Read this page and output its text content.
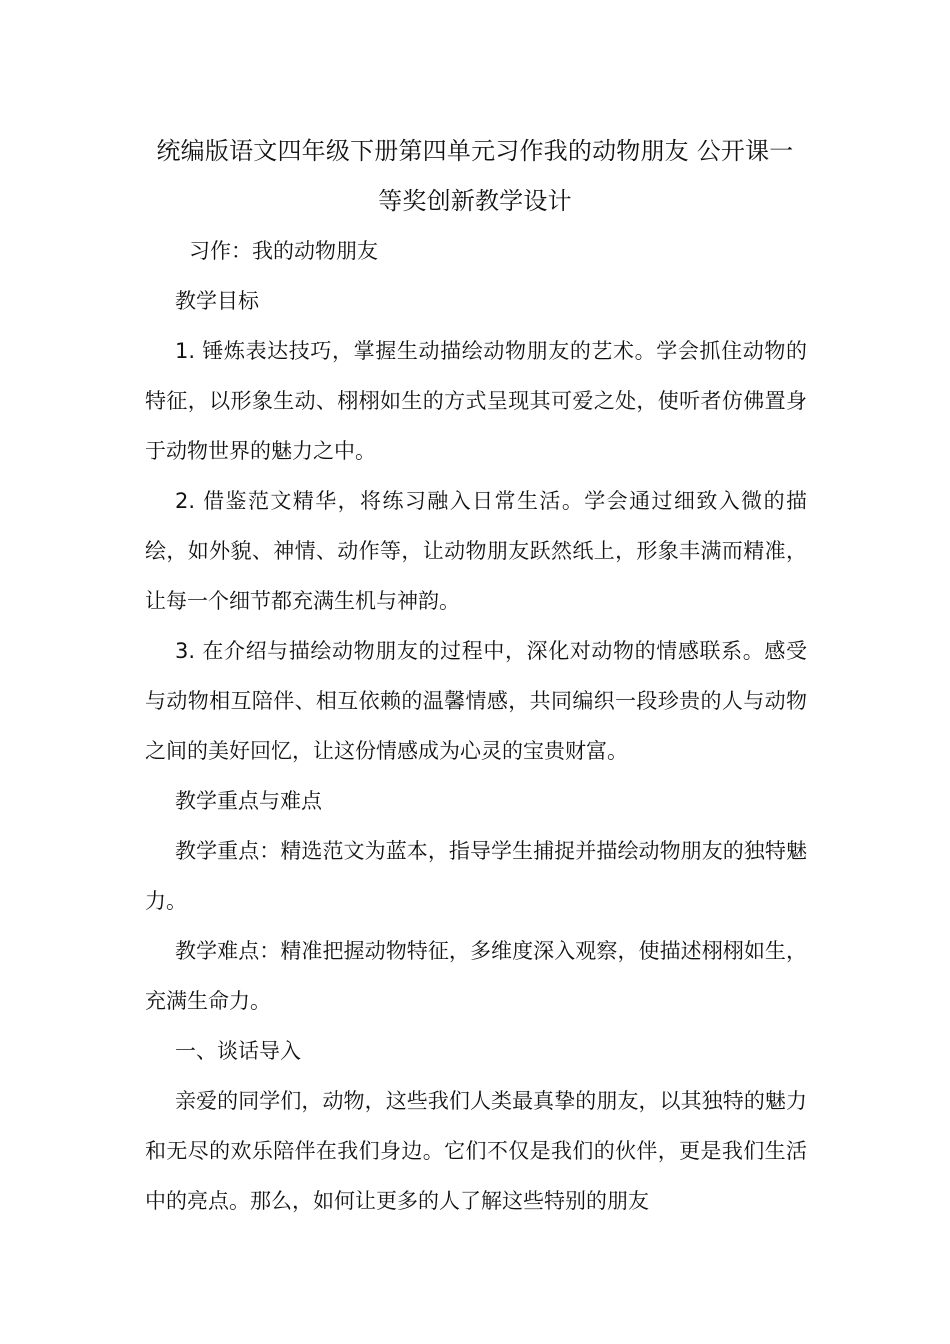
统编版语文四年级下册第四单元习作我的动物朋友 公开课一等奖创新教学设计

习作：我的动物朋友

教学目标

1. 锤炼表达技巧，掌握生动描绘动物朋友的艺术。学会抓住动物的特征，以形象生动、栩栩如生的方式呈现其可爱之处，使听者仿佛置身于动物世界的魅力之中。

2. 借鉴范文精华，将练习融入日常生活。学会通过细致入微的描绘，如外貌、神情、动作等，让动物朋友跃然纸上，形象丰满而精准，让每一个细节都充满生机与神韵。

3. 在介绍与描绘动物朋友的过程中，深化对动物的情感联系。感受与动物相互陪伴、相互依赖的温馨情感，共同编织一段珍贵的人与动物之间的美好回忆，让这份情感成为心灵的宝贵财富。

教学重点与难点

教学重点：精选范文为蓝本，指导学生捕捉并描绘动物朋友的独特魅力。

教学难点：精准把握动物特征，多维度深入观察，使描述栩栩如生，充满生命力。

一、谈话导入

亲爱的同学们，动物，这些我们人类最真挚的朋友，以其独特的魅力和无尽的欢乐陪伴在我们身边。它们不仅是我们的伙伴，更是我们生活中的亮点。那么，如何让更多的人了解这些特别的朋友
